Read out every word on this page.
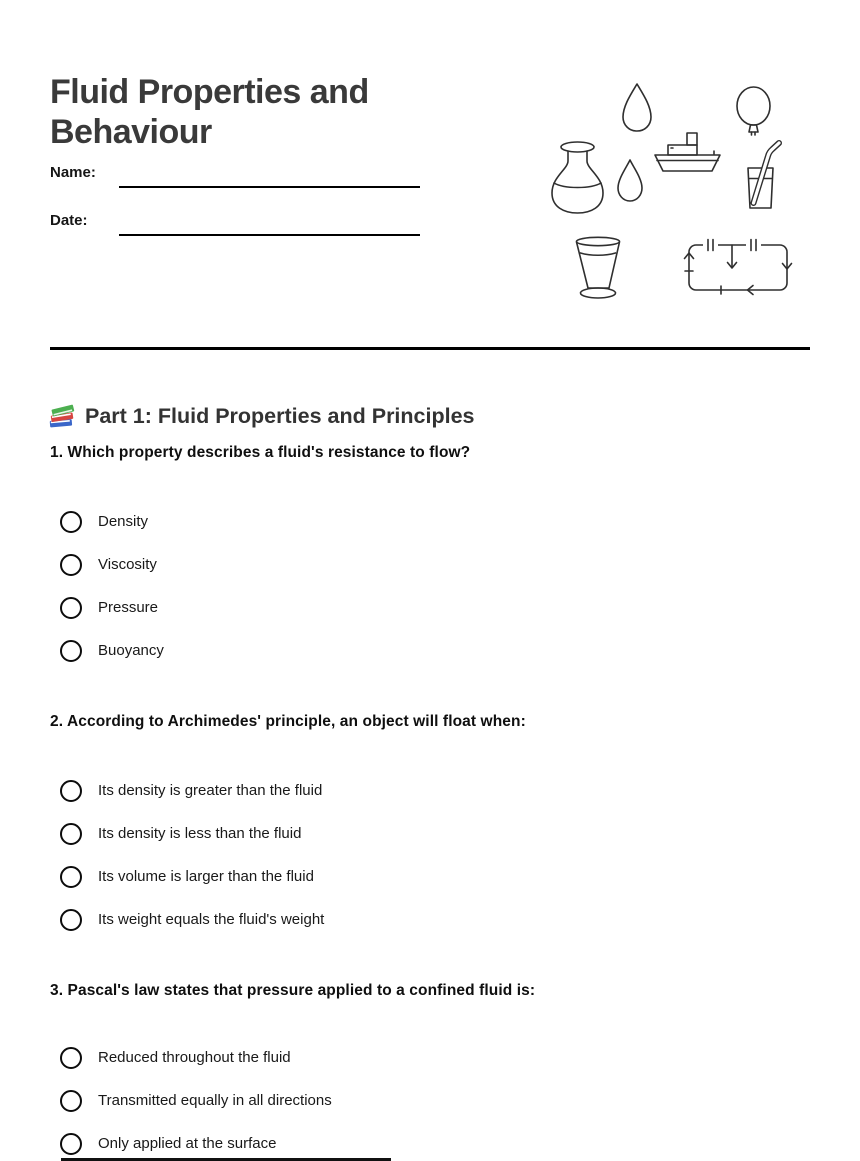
Fluid Properties and Behaviour
Name:
Date:
Part 1: Fluid Properties and Principles
1. Which property describes a fluid's resistance to flow?
Density
Viscosity
Pressure
Buoyancy
2. According to Archimedes' principle, an object will float when:
Its density is greater than the fluid
Its density is less than the fluid
Its volume is larger than the fluid
Its weight equals the fluid's weight
3. Pascal's law states that pressure applied to a confined fluid is:
Reduced throughout the fluid
Transmitted equally in all directions
Only applied at the surface
